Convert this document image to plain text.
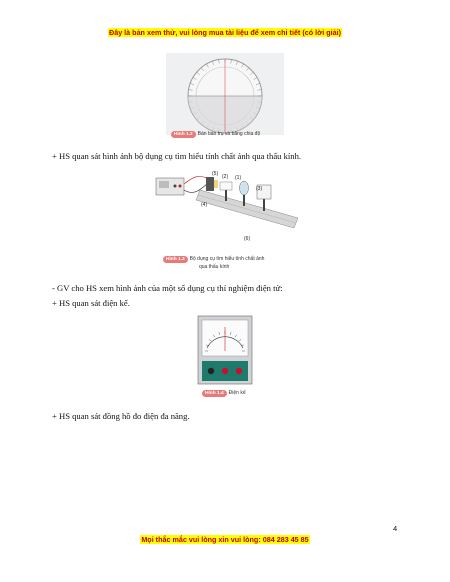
Đây là bản xem thử, vui lòng mua tài liệu để xem chi tiết (có lời giải)
Hình 1.2 Bán bán trụ và bảng chia độ
+ HS quan sát hình ảnh bộ dụng cụ tìm hiểu tính chất ảnh qua thấu kính.
(5) (2) (1)
(3)
(4)
(6)
Hình 1.3 Bộ dụng cụ tìm hiểu tính chất ảnh
qua thấu kính
- GV cho HS xem hình ảnh của một số dụng cụ thí nghiệm điện tử:
+ HS quan sát điện kế.
Hình 1.4 Điện kế
+ HS quan sát đồng hồ đo điện đa năng.
4
Mọi thắc mắc vui lòng xin vui lòng: 084 283 45 85
